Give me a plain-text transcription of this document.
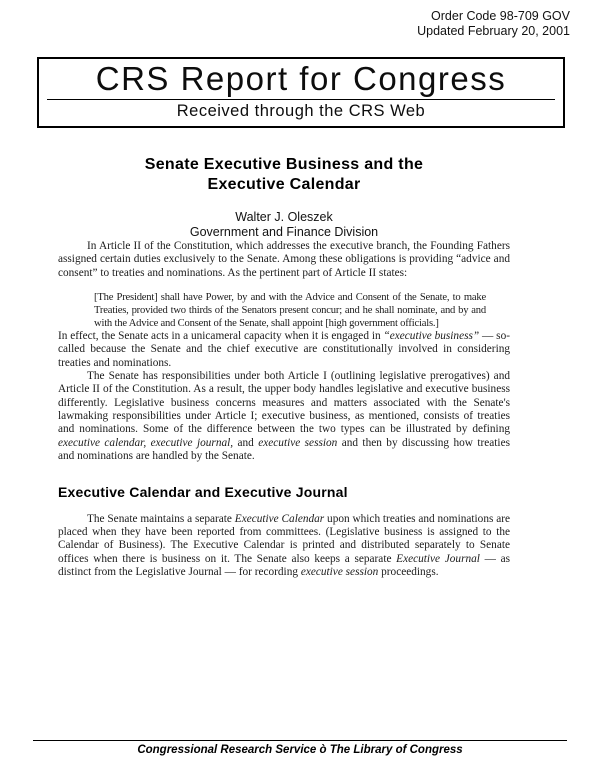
Order Code 98-709 GOV
Updated February 20, 2001
CRS Report for Congress
Received through the CRS Web
Senate Executive Business and the
Executive Calendar
Walter J. Oleszek
Government and Finance Division

In Article II of the Constitution, which addresses the executive branch, the Founding Fathers assigned certain duties exclusively to the Senate. Among these obligations is providing “advice and consent” to treaties and nominations. As the pertinent part of Article II states:

[The President] shall have Power, by and with the Advice and Consent of the Senate, to make Treaties, provided two thirds of the Senators present concur; and he shall nominate, and by and with the Advice and Consent of the Senate, shall appoint [high government officials.]

In effect, the Senate acts in a unicameral capacity when it is engaged in “executive business” — so-called because the Senate and the chief executive are constitutionally involved in considering treaties and nominations.

The Senate has responsibilities under both Article I (outlining legislative prerogatives) and Article II of the Constitution. As a result, the upper body handles legislative and executive business differently. Legislative business concerns measures and matters associated with the Senate's lawmaking responsibilities under Article I; executive business, as mentioned, consists of treaties and nominations. Some of the difference between the two types can be illustrated by defining executive calendar, executive journal, and executive session and then by discussing how treaties and nominations are handled by the Senate.

Executive Calendar and Executive Journal

The Senate maintains a separate Executive Calendar upon which treaties and nominations are placed when they have been reported from committees. (Legislative business is assigned to the Calendar of Business). The Executive Calendar is printed and distributed separately to Senate offices when there is business on it. The Senate also keeps a separate Executive Journal — as distinct from the Legislative Journal — for recording executive session proceedings.

Congressional Research Service ò The Library of Congress
